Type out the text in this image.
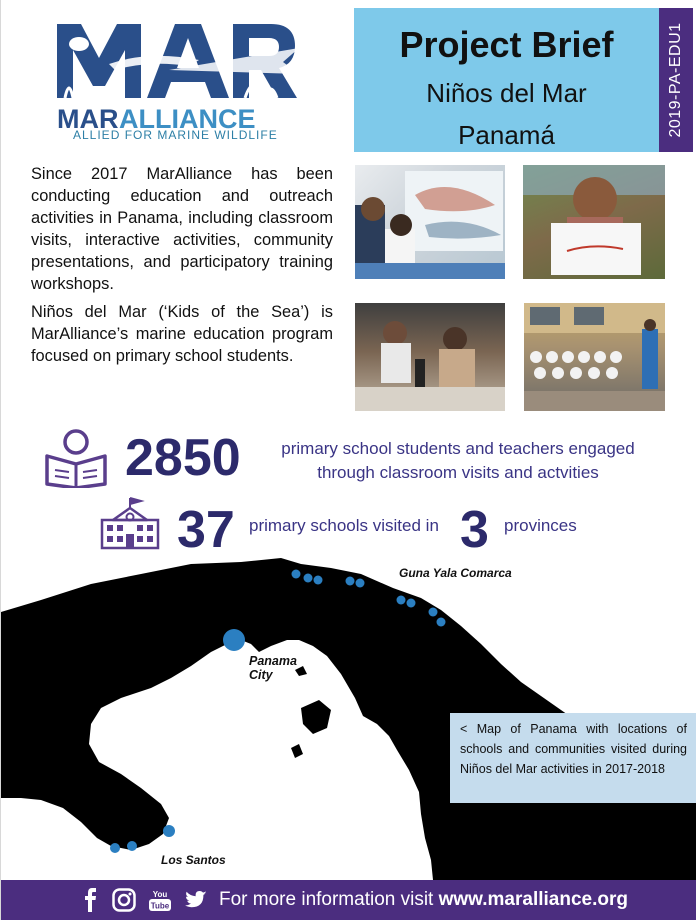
MAR ALLIANCE
ALLIED FOR MARINE WILDLIFE
Project Brief
Niños del Mar
Panamá	2019-PA-EDU1

Since 2017 MarAlliance has been conducting education and outreach activities in Panama, including classroom visits, interactive activities, community presentations, and participatory training workshops.

Niños del Mar (‘Kids of the Sea’) is MarAlliance’s marine education program focused on primary school students.

2850	primary school students and teachers engaged through classroom visits and actvities
37 primary schools visited in 3 provinces
Guna Yala Comarca
Panama City
Los Santos
< Map of Panama with locations of schools and communities visited during Niños del Mar activities in 2017-2018
You
Tube	For more information visit www.maralliance.org
